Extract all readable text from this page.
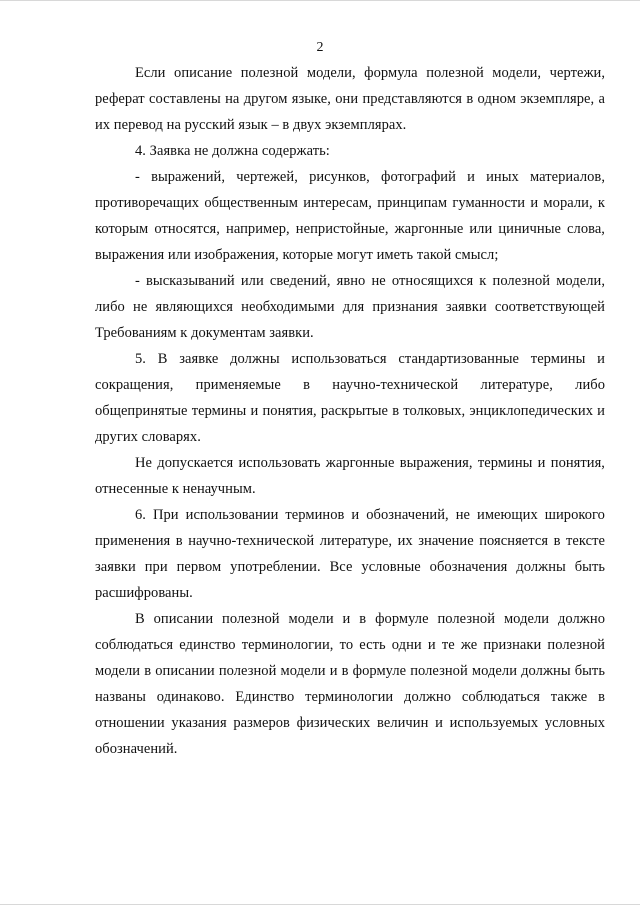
2

Если описание полезной модели, формула полезной модели, чертежи, реферат составлены на другом языке, они представляются в одном экземпляре, а их перевод на русский язык – в двух экземплярах.

4. Заявка не должна содержать:

- выражений, чертежей, рисунков, фотографий и иных материалов, противоречащих общественным интересам, принципам гуманности и морали, к которым относятся, например, непристойные, жаргонные или циничные слова, выражения или изображения, которые могут иметь такой смысл;

- высказываний или сведений, явно не относящихся к полезной модели, либо не являющихся необходимыми для признания заявки соответствующей Требованиям к документам заявки.

5. В заявке должны использоваться стандартизованные термины и сокращения, применяемые в научно-технической литературе, либо общепринятые термины и понятия, раскрытые в толковых, энциклопедических и других словарях.

Не допускается использовать жаргонные выражения, термины и понятия, отнесенные к ненаучным.

6. При использовании терминов и обозначений, не имеющих широкого применения в научно-технической литературе, их значение поясняется в тексте заявки при первом употреблении. Все условные обозначения должны быть расшифрованы.

В описании полезной модели и в формуле полезной модели должно соблюдаться единство терминологии, то есть одни и те же признаки полезной модели в описании полезной модели и в формуле полезной модели должны быть названы одинаково. Единство терминологии должно соблюдаться также в отношении указания размеров физических величин и используемых условных обозначений.
